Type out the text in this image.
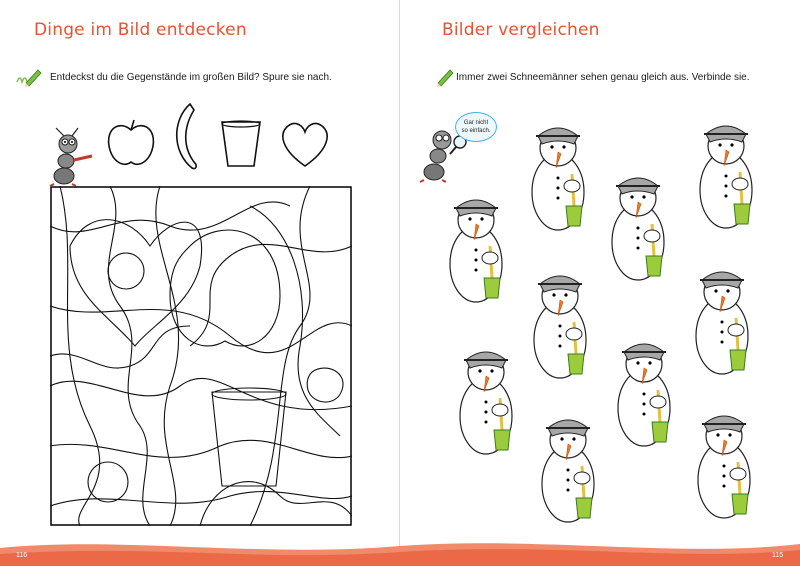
Dinge im Bild entdecken
Entdeckst du die Gegenstände im großen Bild? Spure sie nach.
Bilder vergleichen
Immer zwei Schneemänner sehen genau gleich aus. Verbinde sie.
Gar nicht
so einfach.
116	115
